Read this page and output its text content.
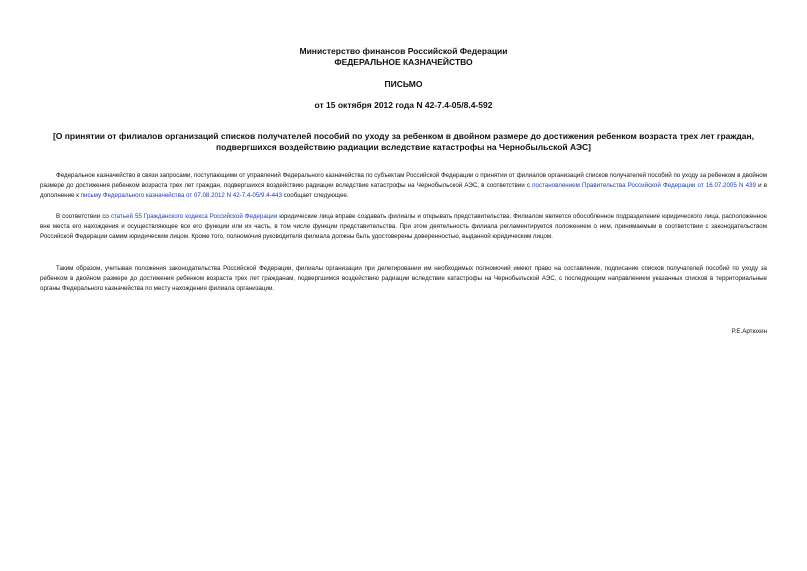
Министерство финансов Российской Федерации
ФЕДЕРАЛЬНОЕ КАЗНАЧЕЙСТВО
ПИСЬМО
от 15 октября 2012 года N 42-7.4-05/8.4-592
[О принятии от филиалов организаций списков получателей пособий по уходу за ребенком в двойном размере до достижения ребенком возраста трех лет граждан, подвергшихся воздействию радиации вследствие катастрофы на Чернобыльской АЭС]

Федеральное казначейство в связи запросами, поступающими от управлений Федерального казначейства по субъектам Российской Федерации о принятии от филиалов организаций списков получателей пособий по уходу за ребенком в двойном размере до достижения ребенком возраста трех лет граждан, подвергшихся воздействию радиации вследствие катастрофы на Чернобыльской АЭС, в соответствии с постановлением Правительства Российской Федерации от 16.07.2005 N 439 и в дополнение к письму Федерального казначейства от 07.08.2012 N 42-7.4-05/9.4-443 сообщает следующее.

В соответствии со статьей 55 Гражданского кодекса Российской Федерации юридические лица вправе создавать филиалы и открывать представительства. Филиалом является обособленное подразделение юридического лица, расположенное вне места его нахождения и осуществляющее все его функции или их часть, в том числе функции представительства. При этом деятельность филиала регламентируется положением о нем, принимаемым в соответствии с законодательством Российской Федерации самим юридическим лицом. Кроме того, полномочия руководителя филиала должны быть удостоверены доверенностью, выданной юридическим лицом.

Таким образом, учитывая положения законодательства Российской Федерации, филиалы организации при делегировании им необходимых полномочий имеют право на составление, подписание списков получателей пособий по уходу за ребенком в двойном размере до достижения ребенком возраста трех лет гражданам, подвергшимся воздействию радиации вследствие катастрофы на Чернобыльской АЭС, с последующим направлением указанных списков в территориальные органы Федерального казначейства по месту нахождения филиала организации.

Р.Е.Артюхин
